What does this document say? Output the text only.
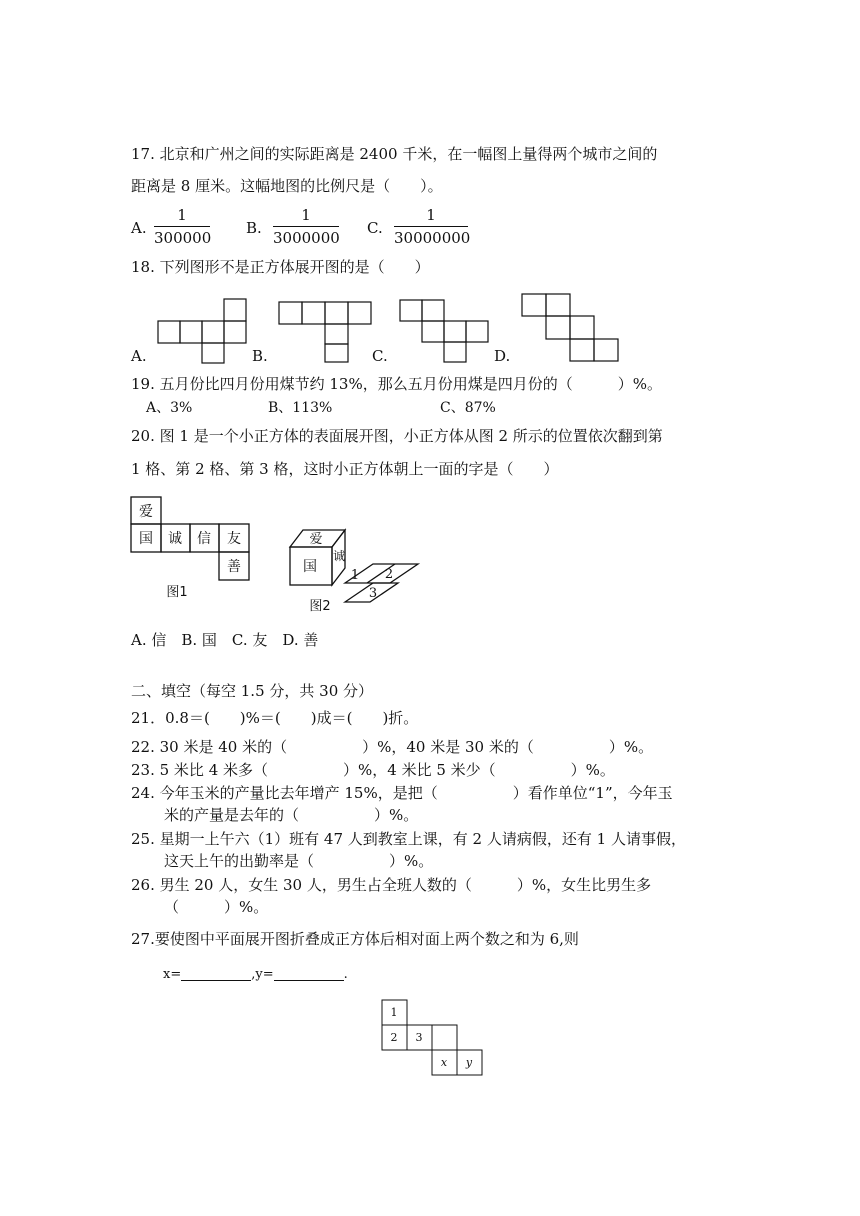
17. 北京和广州之间的实际距离是 2400 千米，在一幅图上量得两个城市之间的
距离是 8 厘米。这幅地图的比例尺是（　　）。
A.
1
300000
B.
1
3000000
C.
1
30000000
18. 下列图形不是正方体展开图的是（　　）
A.	B.	C.	D.
19. 五月份比四月份用煤节约 13%，那么五月份用煤是四月份的（　　　）%。
A、3%	B、113%	C、87%
20. 图 1 是一个小正方体的表面展开图，小正方体从图 2 所示的位置依次翻到第
1 格、第 2 格、第 3 格，这时小正方体朝上一面的字是（　　）
爱
国 诚 信 友
善
图1
爱
国
诚
1 2
3
图2
A. 信　B. 国　C. 友　D. 善
二、填空（每空 1.5 分，共 30 分）
21．0.8＝(　　)%＝(　　)成＝(　　)折。
22. 30 米是 40 米的（　　　　　）%，40 米是 30 米的（　　　　　）%。
23. 5 米比 4 米多（　　　　　）%，4 米比 5 米少（　　　　　）%。
24. 今年玉米的产量比去年增产 15%，是把（　　　　　）看作单位“1”，今年玉
米的产量是去年的（　　　　　）%。
25. 星期一上午六（1）班有 47 人到教室上课，有 2 人请病假，还有 1 人请事假，
这天上午的出勤率是（　　　　　）%。
26. 男生 20 人，女生 30 人，男生占全班人数的（　　　）%，女生比男生多
（　　　）%。
27.要使图中平面展开图折叠成正方体后相对面上两个数之和为 6,则
x=	,y=	.
1
2 3
x y
